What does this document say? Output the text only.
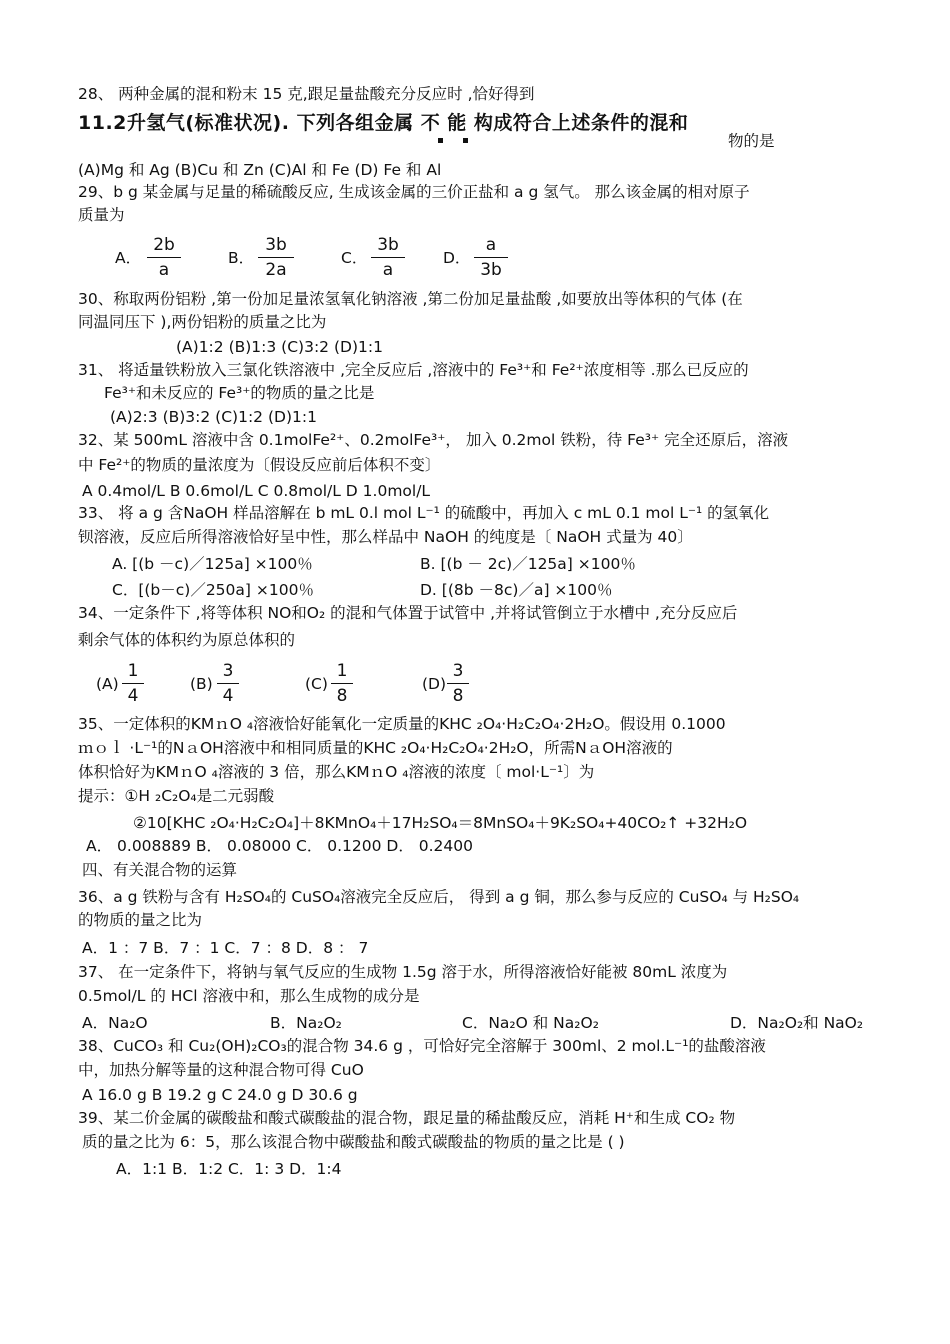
28、 两种金属的混和粉末 15 克,跟足量盐酸充分反应时 ,恰好得到
11.2升氢气(标准状况). 下列各组金属 不 能 构成符合上述条件的混和
物的是
(A)Mg 和 Ag (B)Cu 和 Zn (C)Al 和 Fe (D) Fe 和 Al
29、b g 某金属与足量的稀硫酸反应, 生成该金属的三价正盐和 a g 氢气。 那么该金属的相对原子
质量为
A． $\frac{2b}{a}$	B． $\frac{3b}{2a}$	C． $\frac{3b}{a}$ D． $\frac{a}{3b}$
30、称取两份铝粉 ,第一份加足量浓氢氧化钠溶液 ,第二份加足量盐酸 ,如要放出等体积的气体 (在
同温同压下 ),两份铝粉的质量之比为
(A)1:2 (B)1:3 (C)3:2 (D)1:1
31、 将适量铁粉放入三氯化铁溶液中 ,完全反应后 ,溶液中的 Fe³⁺和 Fe²⁺浓度相等 .那么已反应的
Fe³⁺和未反应的 Fe³⁺的物质的量之比是
(A)2:3 (B)3:2 (C)1:2 (D)1:1
32、某 500mL 溶液中含 0.1molFe²⁺、0.2molFe³⁺， 加入 0.2mol 铁粉，待 Fe³⁺ 完全还原后，溶液
中 Fe²⁺的物质的量浓度为〔假设反应前后体积不变〕
A 0.4mol/L B 0.6mol/L C 0.8mol/L D 1.0mol/L
33、 将 a g 含NaOH 样品溶解在 b mL 0.l mol L⁻¹ 的硫酸中，再加入 c mL 0.1 mol L⁻¹ 的氢氧化
钡溶液，反应后所得溶液恰好呈中性，那么样品中 NaOH 的纯度是〔 NaOH 式量为 40〕
A. [(b －c)／125a] ×100％	B. [(b － 2c)／125a] ×100％
C．[(b－c)／250a] ×100％	D. [(8b －8c)／a] ×100％
34、一定条件下 ,将等体积 NO和O₂ 的混和气体置于试管中 ,并将试管倒立于水槽中 ,充分反应后
剩余气体的体积约为原总体积的
$(A) \frac{1}{4}$	$(B) \frac{3}{4}$	$(C) \frac{1}{8}$	$(D) \frac{3}{8}$
35、一定体积的KMｎO ₄溶液恰好能氧化一定质量的KHC ₂O₄·H₂C₂O₄·2H₂O。假设用 0.1000
ｍｏｌ ·L⁻¹的NａOH溶液中和相同质量的KHC ₂O₄·H₂C₂O₄·2H₂O，所需NａOH溶液的
体积恰好为KMｎO ₄溶液的 3 倍，那么KMｎO ₄溶液的浓度〔 mol·L⁻¹〕为
提示：①H ₂C₂O₄是二元弱酸
②10[KHC ₂O₄·H₂C₂O₄]＋8KMnO₄＋17H₂SO₄＝8MnSO₄＋9K₂SO₄+40CO₂↑ +32H₂O
A． 0.008889 B． 0.08000 C． 0.1200 D． 0.2400
四、有关混合物的运算
36、a g 铁粉与含有 H₂SO₄的 CuSO₄溶液完全反应后， 得到 a g 铜，那么参与反应的 CuSO₄ 与 H₂SO₄
的物质的量之比为
A．1 ：7 B．7 ：1 C．7 ：8 D．8 ： 7
37、 在一定条件下，将钠与氧气反应的生成物 1.5g 溶于水，所得溶液恰好能被 80mL 浓度为
0.5mol/L 的 HCl 溶液中和，那么生成物的成分是
A．Na₂O	B．Na₂O₂	C．Na₂O 和 Na₂O₂	D．Na₂O₂和 NaO₂
38、CuCO₃ 和 Cu₂(OH)₂CO₃的混合物 34.6 g ，可恰好完全溶解于 300ml、2 mol.L⁻¹的盐酸溶液
中，加热分解等量的这种混合物可得 CuO
A 16.0 g B 19.2 g C 24.0 g D 30.6 g
39、某二价金属的碳酸盐和酸式碳酸盐的混合物，跟足量的稀盐酸反应，消耗 H⁺和生成 CO₂ 物
质的量之比为 6：5，那么该混合物中碳酸盐和酸式碳酸盐的物质的量之比是 ( )
A．1:1 B．1:2 C．1: 3 D．1:4
